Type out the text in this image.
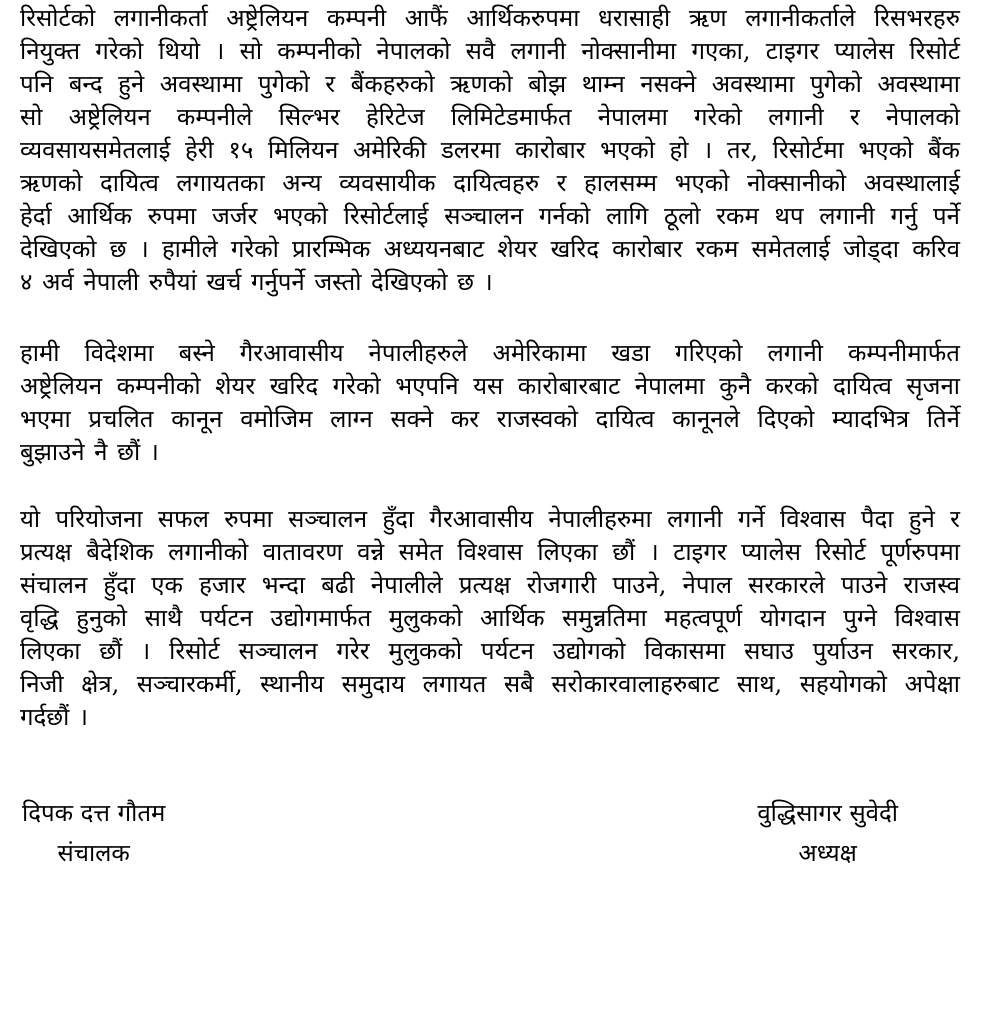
रिसोर्टको लगानीकर्ता अष्ट्रेलियन कम्पनी आफैं आर्थिकरुपमा धरासाही ऋण लगानीकर्ताले रिसभरहरु
नियुक्त गरेको थियो । सो कम्पनीको नेपालको सवै लगानी नोक्सानीमा गएका, टाइगर प्यालेस रिसोर्ट
पनि बन्द हुने अवस्थामा पुगेको र बैंकहरुको ऋणको बोझ थाम्न नसक्ने अवस्थामा पुगेको अवस्थामा
सो अष्ट्रेलियन कम्पनीले सिल्भर हेरिटेज लिमिटेडमार्फत नेपालमा गरेको लगानी र नेपालको
व्यवसायसमेतलाई हेरी १५ मिलियन अमेरिकी डलरमा कारोबार भएको हो । तर, रिसोर्टमा भएको बैंक
ऋणको दायित्व लगायतका अन्य व्यवसायीक दायित्वहरु र हालसम्म भएको नोक्सानीको अवस्थालाई
हेर्दा आर्थिक रुपमा जर्जर भएको रिसोर्टलाई सञ्चालन गर्नको लागि ठूलो रकम थप लगानी गर्नु पर्ने
देखिएको छ । हामीले गरेको प्रारम्भिक अध्ययनबाट शेयर खरिद कारोबार रकम समेतलाई जोड्दा करिव
४ अर्व नेपाली रुपैयां खर्च गर्नुपर्ने जस्तो देखिएको छ ।
हामी विदेशमा बस्ने गैरआवासीय नेपालीहरुले अमेरिकामा खडा गरिएको लगानी कम्पनीमार्फत
अष्ट्रेलियन कम्पनीको शेयर खरिद गरेको भएपनि यस कारोबारबाट नेपालमा कुनै करको दायित्व सृजना
भएमा प्रचलित कानून वमोजिम लाग्न सक्ने कर राजस्वको दायित्व कानूनले दिएको म्यादभित्र तिर्ने
बुझाउने नै छौं ।
यो परियोजना सफल रुपमा सञ्चालन हुँदा गैरआवासीय नेपालीहरुमा लगानी गर्ने विश्वास पैदा हुने र
प्रत्यक्ष बैदेशिक लगानीको वातावरण वन्ने समेत विश्वास लिएका छौं । टाइगर प्यालेस रिसोर्ट पूर्णरुपमा
संचालन हुँदा एक हजार भन्दा बढी नेपालीले प्रत्यक्ष रोजगारी पाउने, नेपाल सरकारले पाउने राजस्व
वृद्धि हुनुको साथै पर्यटन उद्योगमार्फत मुलुकको आर्थिक समुन्नतिमा महत्वपूर्ण योगदान पुग्ने विश्वास
लिएका छौं । रिसोर्ट सञ्चालन गरेर मुलुकको पर्यटन उद्योगको विकासमा सघाउ पुर्याउन सरकार,
निजी क्षेत्र, सञ्चारकर्मी, स्थानीय समुदाय लगायत सबै सरोकारवालाहरुबाट साथ, सहयोगको अपेक्षा
गर्दछौं ।
दिपक दत्त गौतम
संचालक
वुद्धिसागर सुवेदी
अध्यक्ष
